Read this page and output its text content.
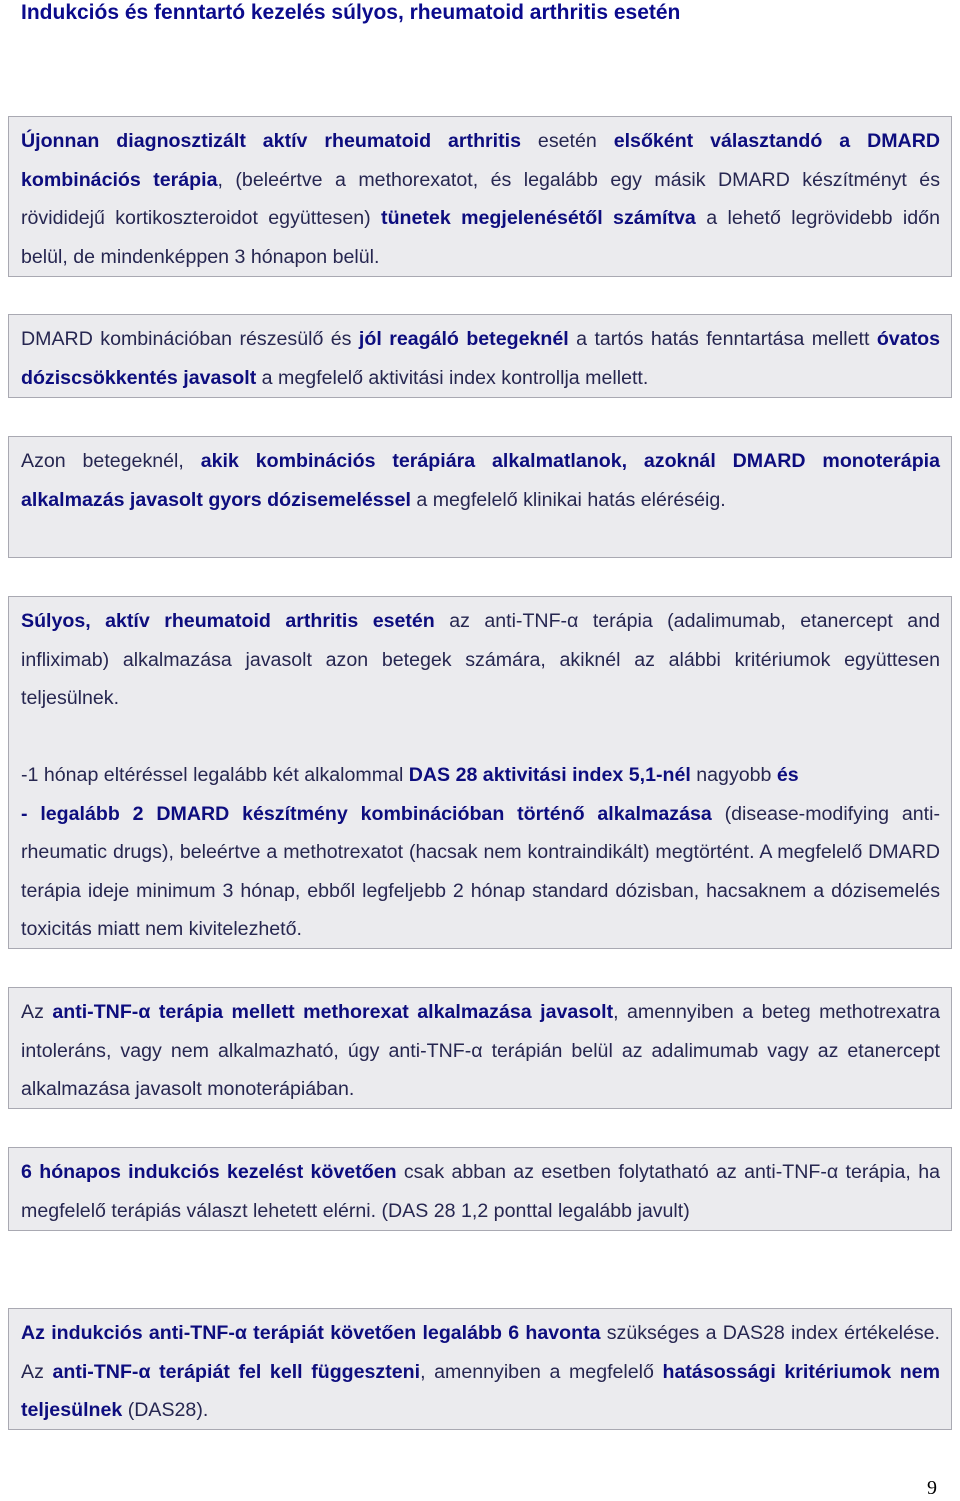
Indukciós és fenntartó kezelés súlyos, rheumatoid arthritis esetén

Újonnan diagnosztizált aktív rheumatoid arthritis esetén elsőként választandó a DMARD kombinációs terápia, (beleértve a methorexatot, és legalább egy másik DMARD készítményt és rövididejű kortikoszteroidot együttesen) tünetek megjelenésétől számítva a lehető legrövidebb időn belül, de mindenképpen 3 hónapon belül.

DMARD kombinációban részesülő és jól reagáló betegeknél a tartós hatás fenntartása mellett óvatos dóziscsökkentés javasolt a megfelelő aktivitási index kontrollja mellett.

Azon betegeknél, akik kombinációs terápiára alkalmatlanok, azoknál DMARD monoterápia alkalmazás javasolt gyors dózisemeléssel a megfelelő klinikai hatás eléréséig.

Súlyos, aktív rheumatoid arthritis esetén az anti-TNF-α terápia (adalimumab, etanercept and infliximab) alkalmazása javasolt azon betegek számára, akiknél az alábbi kritériumok együttesen teljesülnek.

-1 hónap eltéréssel legalább két alkalommal DAS 28 aktivitási index 5,1-nél nagyobb és

- legalább 2 DMARD készítmény kombinációban történő alkalmazása (disease-modifying anti-rheumatic drugs), beleértve a methotrexatot (hacsak nem kontraindikált) megtörtént. A megfelelő DMARD terápia ideje minimum 3 hónap, ebből legfeljebb 2 hónap standard dózisban, hacsaknem a dózisemelés toxicitás miatt nem kivitelezhető.

Az anti-TNF-α terápia mellett methorexat alkalmazása javasolt, amennyiben a beteg methotrexatra intoleráns, vagy nem alkalmazható, úgy anti-TNF-α terápián belül az adalimumab vagy az etanercept alkalmazása javasolt monoterápiában.

6 hónapos indukciós kezelést követően csak abban az esetben folytatható az anti-TNF-α terápia, ha megfelelő terápiás választ lehetett elérni. (DAS 28 1,2 ponttal legalább javult)

Az indukciós anti-TNF-α terápiát követően legalább 6 havonta szükséges a DAS28 index értékelése. Az anti-TNF-α terápiát fel kell függeszteni, amennyiben a megfelelő hatásossági kritériumok nem teljesülnek (DAS28).

9
